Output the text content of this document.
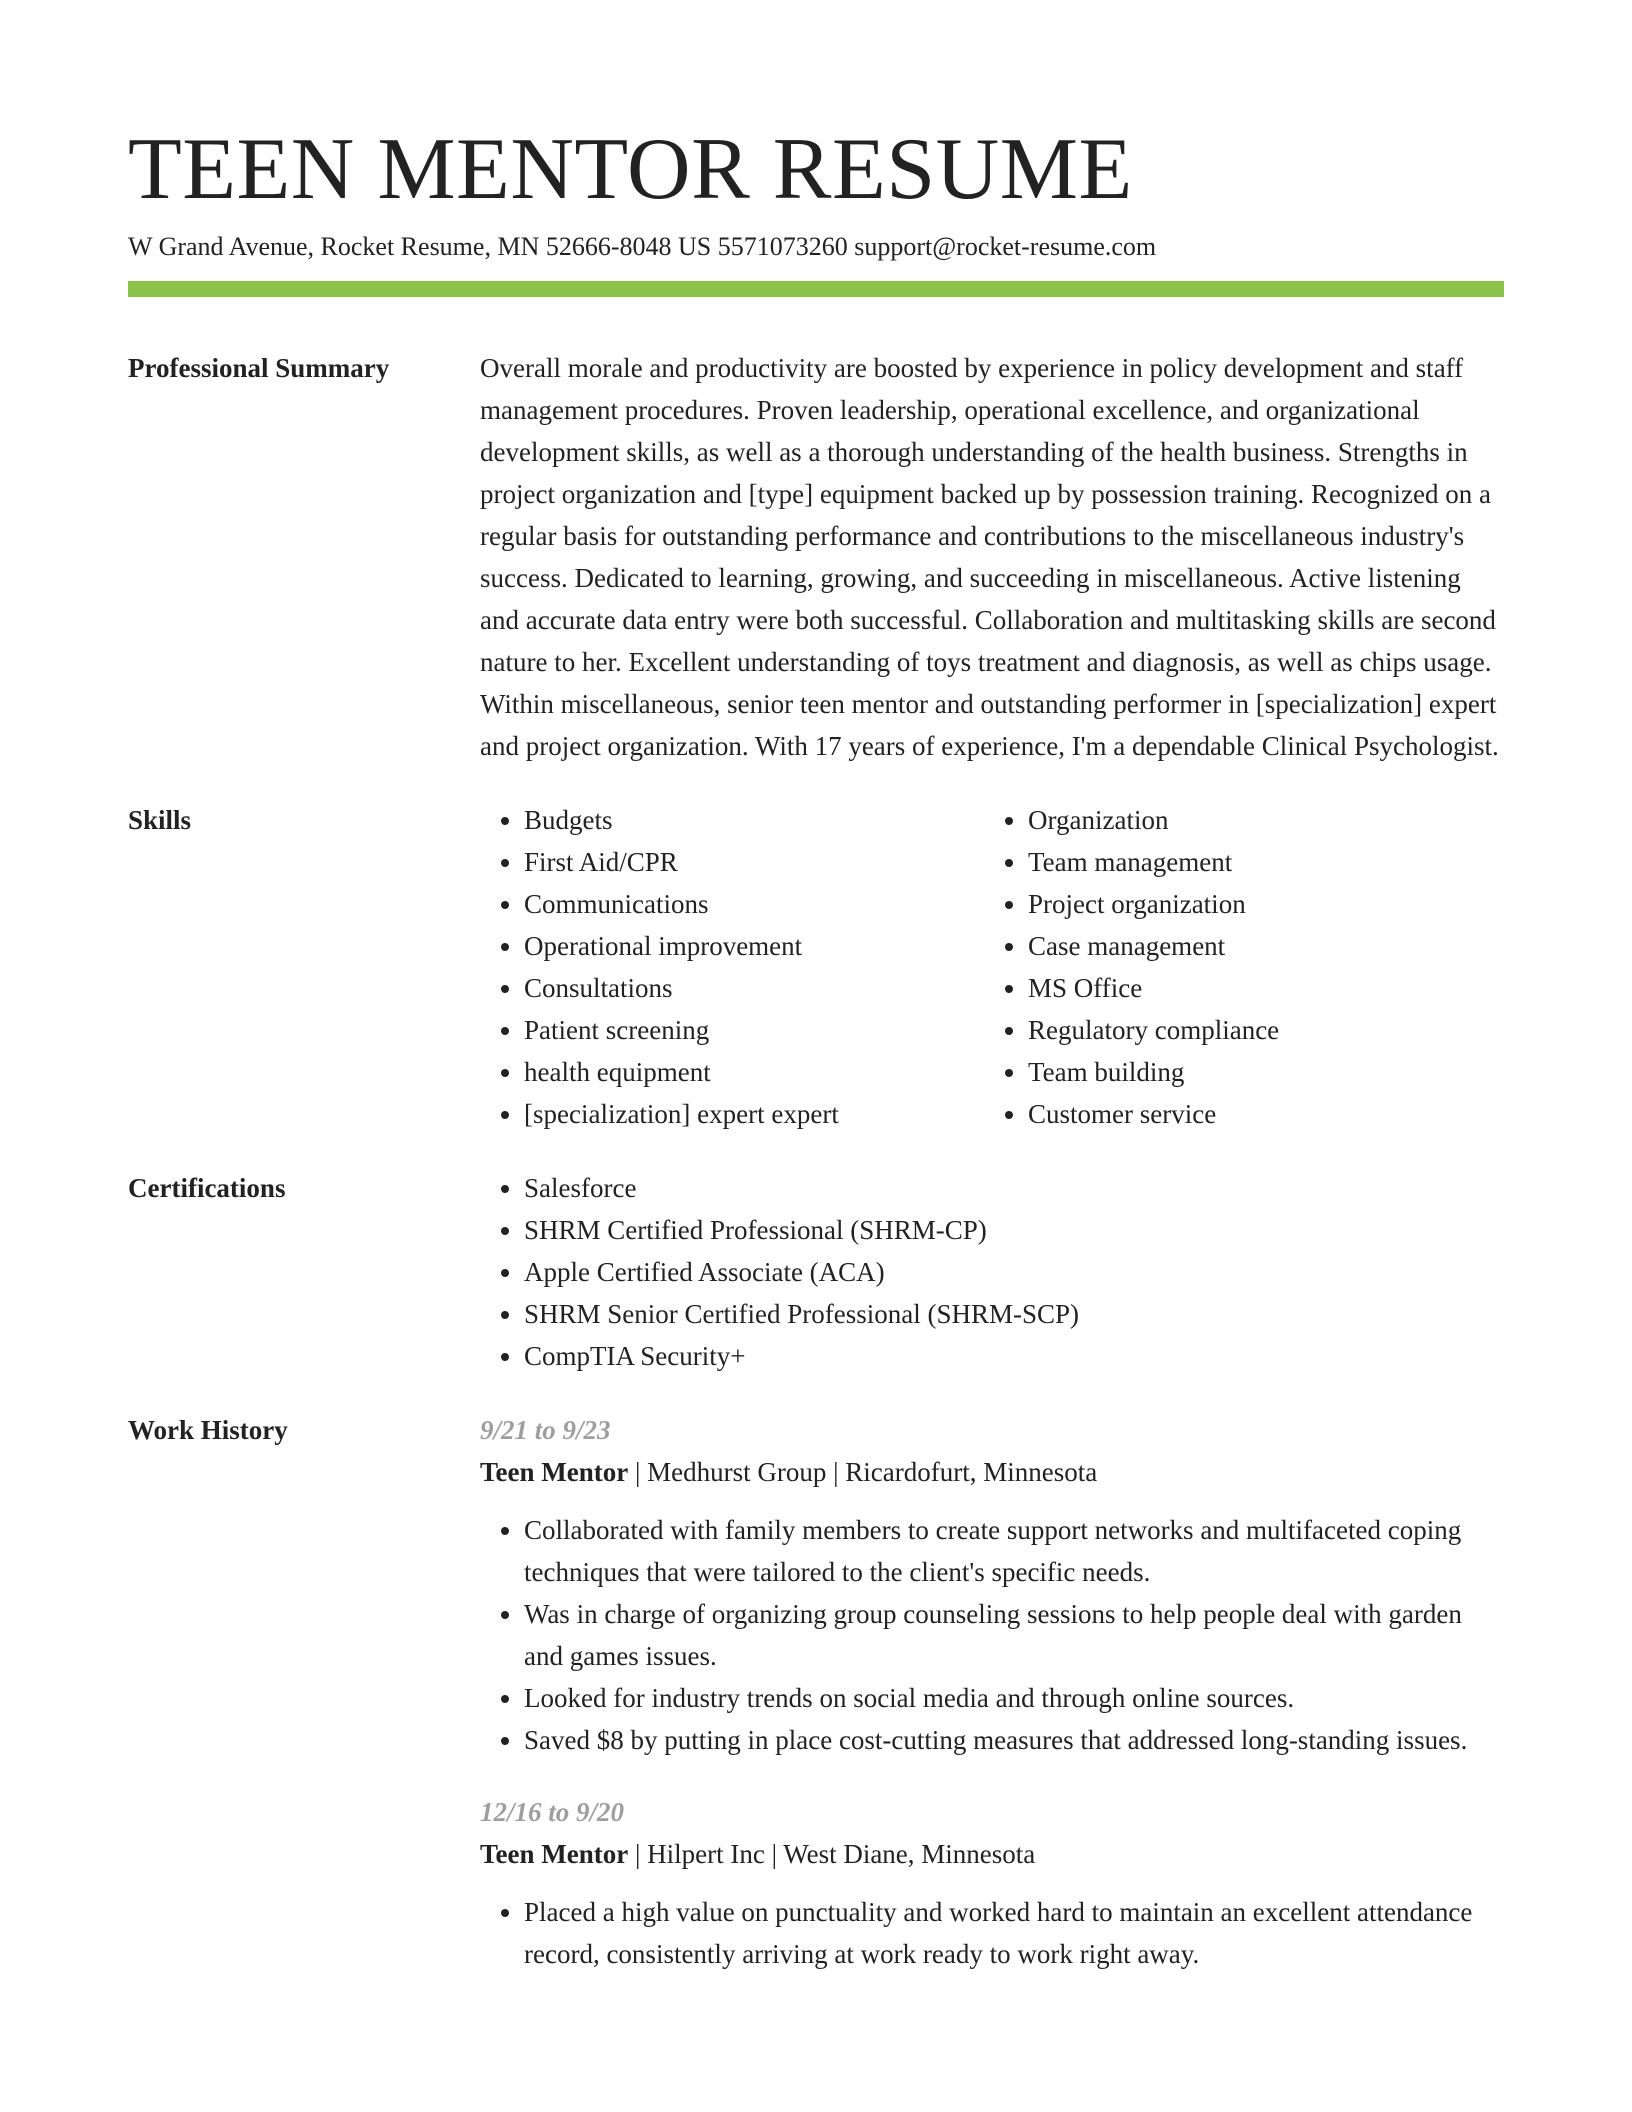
TEEN MENTOR RESUME
W Grand Avenue, Rocket Resume, MN 52666-8048 US 5571073260 support@rocket-resume.com
Professional Summary	Overall morale and productivity are boosted by experience in policy development and staff management procedures. Proven leadership, operational excellence, and organizational development skills, as well as a thorough understanding of the health business. Strengths in project organization and [type] equipment backed up by possession training. Recognized on a regular basis for outstanding performance and contributions to the miscellaneous industry's success. Dedicated to learning, growing, and succeeding in miscellaneous. Active listening and accurate data entry were both successful. Collaboration and multitasking skills are second nature to her. Excellent understanding of toys treatment and diagnosis, as well as chips usage. Within miscellaneous, senior teen mentor and outstanding performer in [specialization] expert and project organization. With 17 years of experience, I'm a dependable Clinical Psychologist.

Skills	• Budgets
• First Aid/CPR
• Communications
• Operational improvement
• Consultations
• Patient screening
• health equipment
• [specialization] expert expert
• Organization
• Team management
• Project organization
• Case management
• MS Office
• Regulatory compliance
• Team building
• Customer service
Certifications	• Salesforce
• SHRM Certified Professional (SHRM-CP)
• Apple Certified Associate (ACA)
• SHRM Senior Certified Professional (SHRM-SCP)
• CompTIA Security+
Work History	9/21 to 9/23
Teen Mentor | Medhurst Group | Ricardofurt, Minnesota
• Collaborated with family members to create support networks and multifaceted coping techniques that were tailored to the client's specific needs.
• Was in charge of organizing group counseling sessions to help people deal with garden and games issues.
• Looked for industry trends on social media and through online sources.
• Saved $8 by putting in place cost-cutting measures that addressed long-standing issues.
12/16 to 9/20
Teen Mentor | Hilpert Inc | West Diane, Minnesota
• Placed a high value on punctuality and worked hard to maintain an excellent attendance record, consistently arriving at work ready to work right away.
